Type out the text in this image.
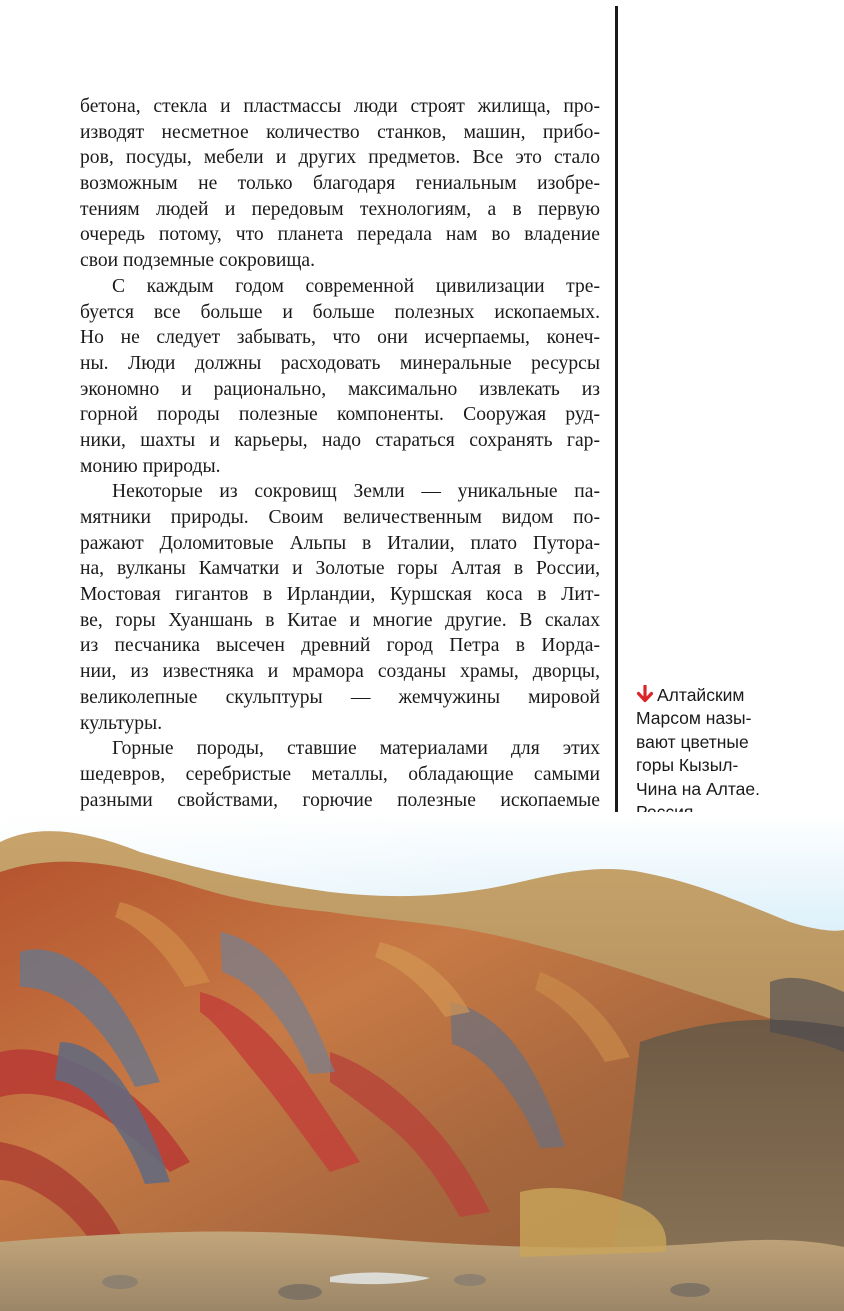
бетона, стекла и пластмассы люди строят жилища, про-
изводят несметное количество станков, машин, прибо-
ров, посуды, мебели и других предметов. Все это стало
возможным не только благодаря гениальным изобре-
тениям людей и передовым технологиям, а в первую
очередь потому, что планета передала нам во владение
свои подземные сокровища.
С каждым годом современной цивилизации тре-
буется все больше и больше полезных ископаемых.
Но не следует забывать, что они исчерпаемы, конеч-
ны. Люди должны расходовать минеральные ресурсы
экономно и рационально, максимально извлекать из
горной породы полезные компоненты. Сооружая руд-
ники, шахты и карьеры, надо стараться сохранять гар-
монию природы.
Некоторые из сокровищ Земли — уникальные па-
мятники природы. Своим величественным видом по-
ражают Доломитовые Альпы в Италии, плато Путора-
на, вулканы Камчатки и Золотые горы Алтая в России,
Мостовая гигантов в Ирландии, Куршская коса в Лит-
ве, горы Хуаншань в Китае и многие другие. В скалах
из песчаника высечен древний город Петра в Иорда-
нии, из известняка и мрамора созданы храмы, дворцы,
великолепные скульптуры — жемчужины мировой
культуры.
Горные породы, ставшие материалами для этих
шедевров, серебристые металлы, обладающие самыми
разными свойствами, горючие полезные ископаемые
Алтайским
Марсом назы-
вают цветные
горы Кызыл-
Чина на Алтае.
